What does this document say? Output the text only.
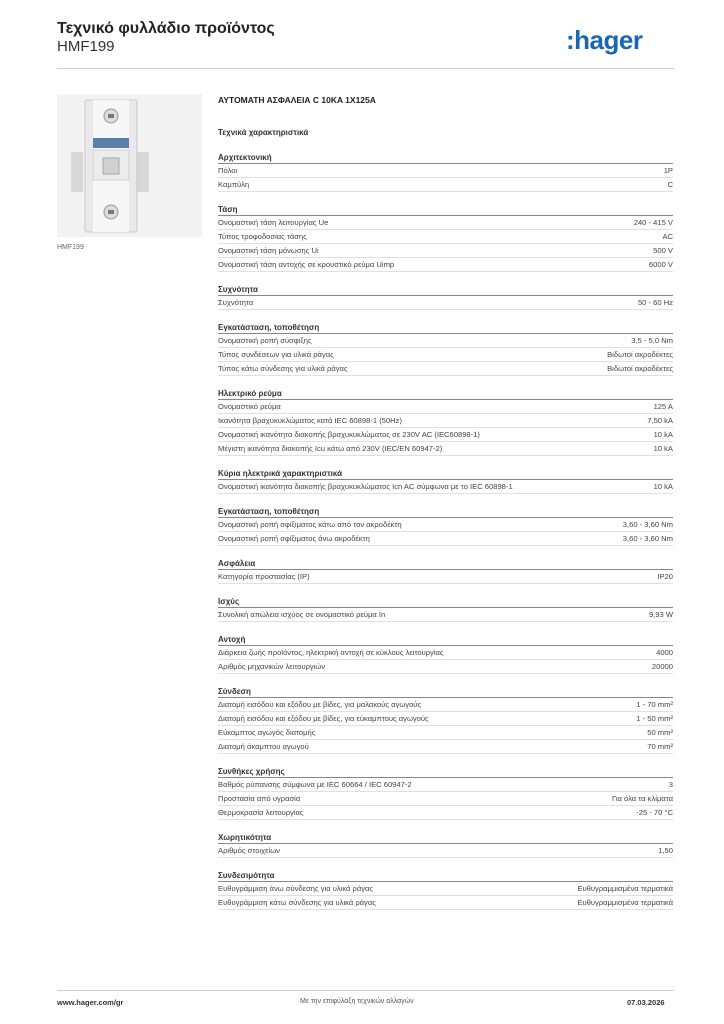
Τεχνικό φυλλάδιο προϊόντος
HMF199	:hager
HMF199
ΑΥΤΟΜΑΤΗ ΑΣΦΑΛΕΙΑ C 10KA 1X125A
Τεχνικά χαρακτηριστικά
Αρχιτεκτονική
Πόλοι	1P
Καμπύλη	C
Τάση
Ονομαστική τάση λειτουργίας Ue	240 - 415 V
Τύπος τροφοδοσίας τάσης	AC
Ονομαστική τάση μόνωσης Ui	500 V
Ονομαστική τάση αντοχής σε κρουστικό ρεύμα Uimp	6000 V
Συχνότητα
Συχνότητα	50 - 60 Hz
Εγκατάσταση, τοποθέτηση
Ονομαστική ροπή σύσφιξης	3,5 - 5,0 Nm
Τύπος συνδέσεων για υλικά ράγας	Βιδωτοί ακροδέκτες
Τύπος κάτω σύνδεσης για υλικά ράγας	Βιδωτοί ακροδέκτες
Ηλεκτρικό ρεύμα
Ονομαστικό ρεύμα	125 A
Ικανότητα βραχυκυκλώματος κατά IEC 60898-1 (50Hz)	7,50 kA
Ονομαστική ικανότητα διακοπής βραχυκυκλώματος σε 230V AC (IEC60898-1)	10 kA
Μέγιστη ικανότητα διακοπής Icu κάτω από 230V (IEC/EN 60947-2)	10 kA
Κύρια ηλεκτρικά χαρακτηριστικά
Ονομαστική ικανότητα διακοπής βραχυκυκλώματος Icn AC σύμφωνα με το IEC 60898-1	10 kA
Εγκατάσταση, τοποθέτηση
Ονομαστική ροπή σφίξιματος κάτω από τον ακροδέκτη	3,60 - 3,60 Nm
Ονομαστική ροπή σφίξιματος άνω ακροδέκτη	3,60 - 3,60 Nm
Ασφάλεια
Κατηγορία προστασίας (IP)	IP20
Ισχύς
Συνολική απώλεια ισχύος σε ονομαστικό ρεύμα In	9,93 W
Αντοχή
Διάρκεια ζωής προϊόντος, ηλεκτρική αντοχή σε κύκλους λειτουργίας	4000
Αριθμός μηχανικών λειτουργιών	20000
Σύνδεση
Διατομή εισόδου και εξόδου με βίδες, για μαλακούς αγωγούς	1 - 70 mm²
Διατομή εισόδου και εξόδου με βίδες, για εύκαμπτους αγωγούς	1 - 50 mm²
Εύκαμπτος αγωγός διατομής	50 mm²
Διατομή άκαμπτου αγωγού	70 mm²
Συνθήκες χρήσης
Βαθμός ρύπανσης σύμφωνα με IEC 60664 / IEC 60947-2	3
Προστασία από υγρασία	Για όλα τα κλίματα
Θερμοκρασία λειτουργίας	-25 - 70 °C
Χωρητικότητα
Αριθμός στοιχείων	1,50
Συνδεσιμότητα
Ευθυγράμμιση άνω σύνδεσης για υλικά ράγας	Ευθυγραμμισμένα τερματικά
Ευθυγράμμιση κάτω σύνδεσης για υλικά ράγας	Ευθυγραμμισμένα τερματικά
www.hager.com/gr	Με την επιφύλαξη τεχνικών αλλαγών	07.03.2026
